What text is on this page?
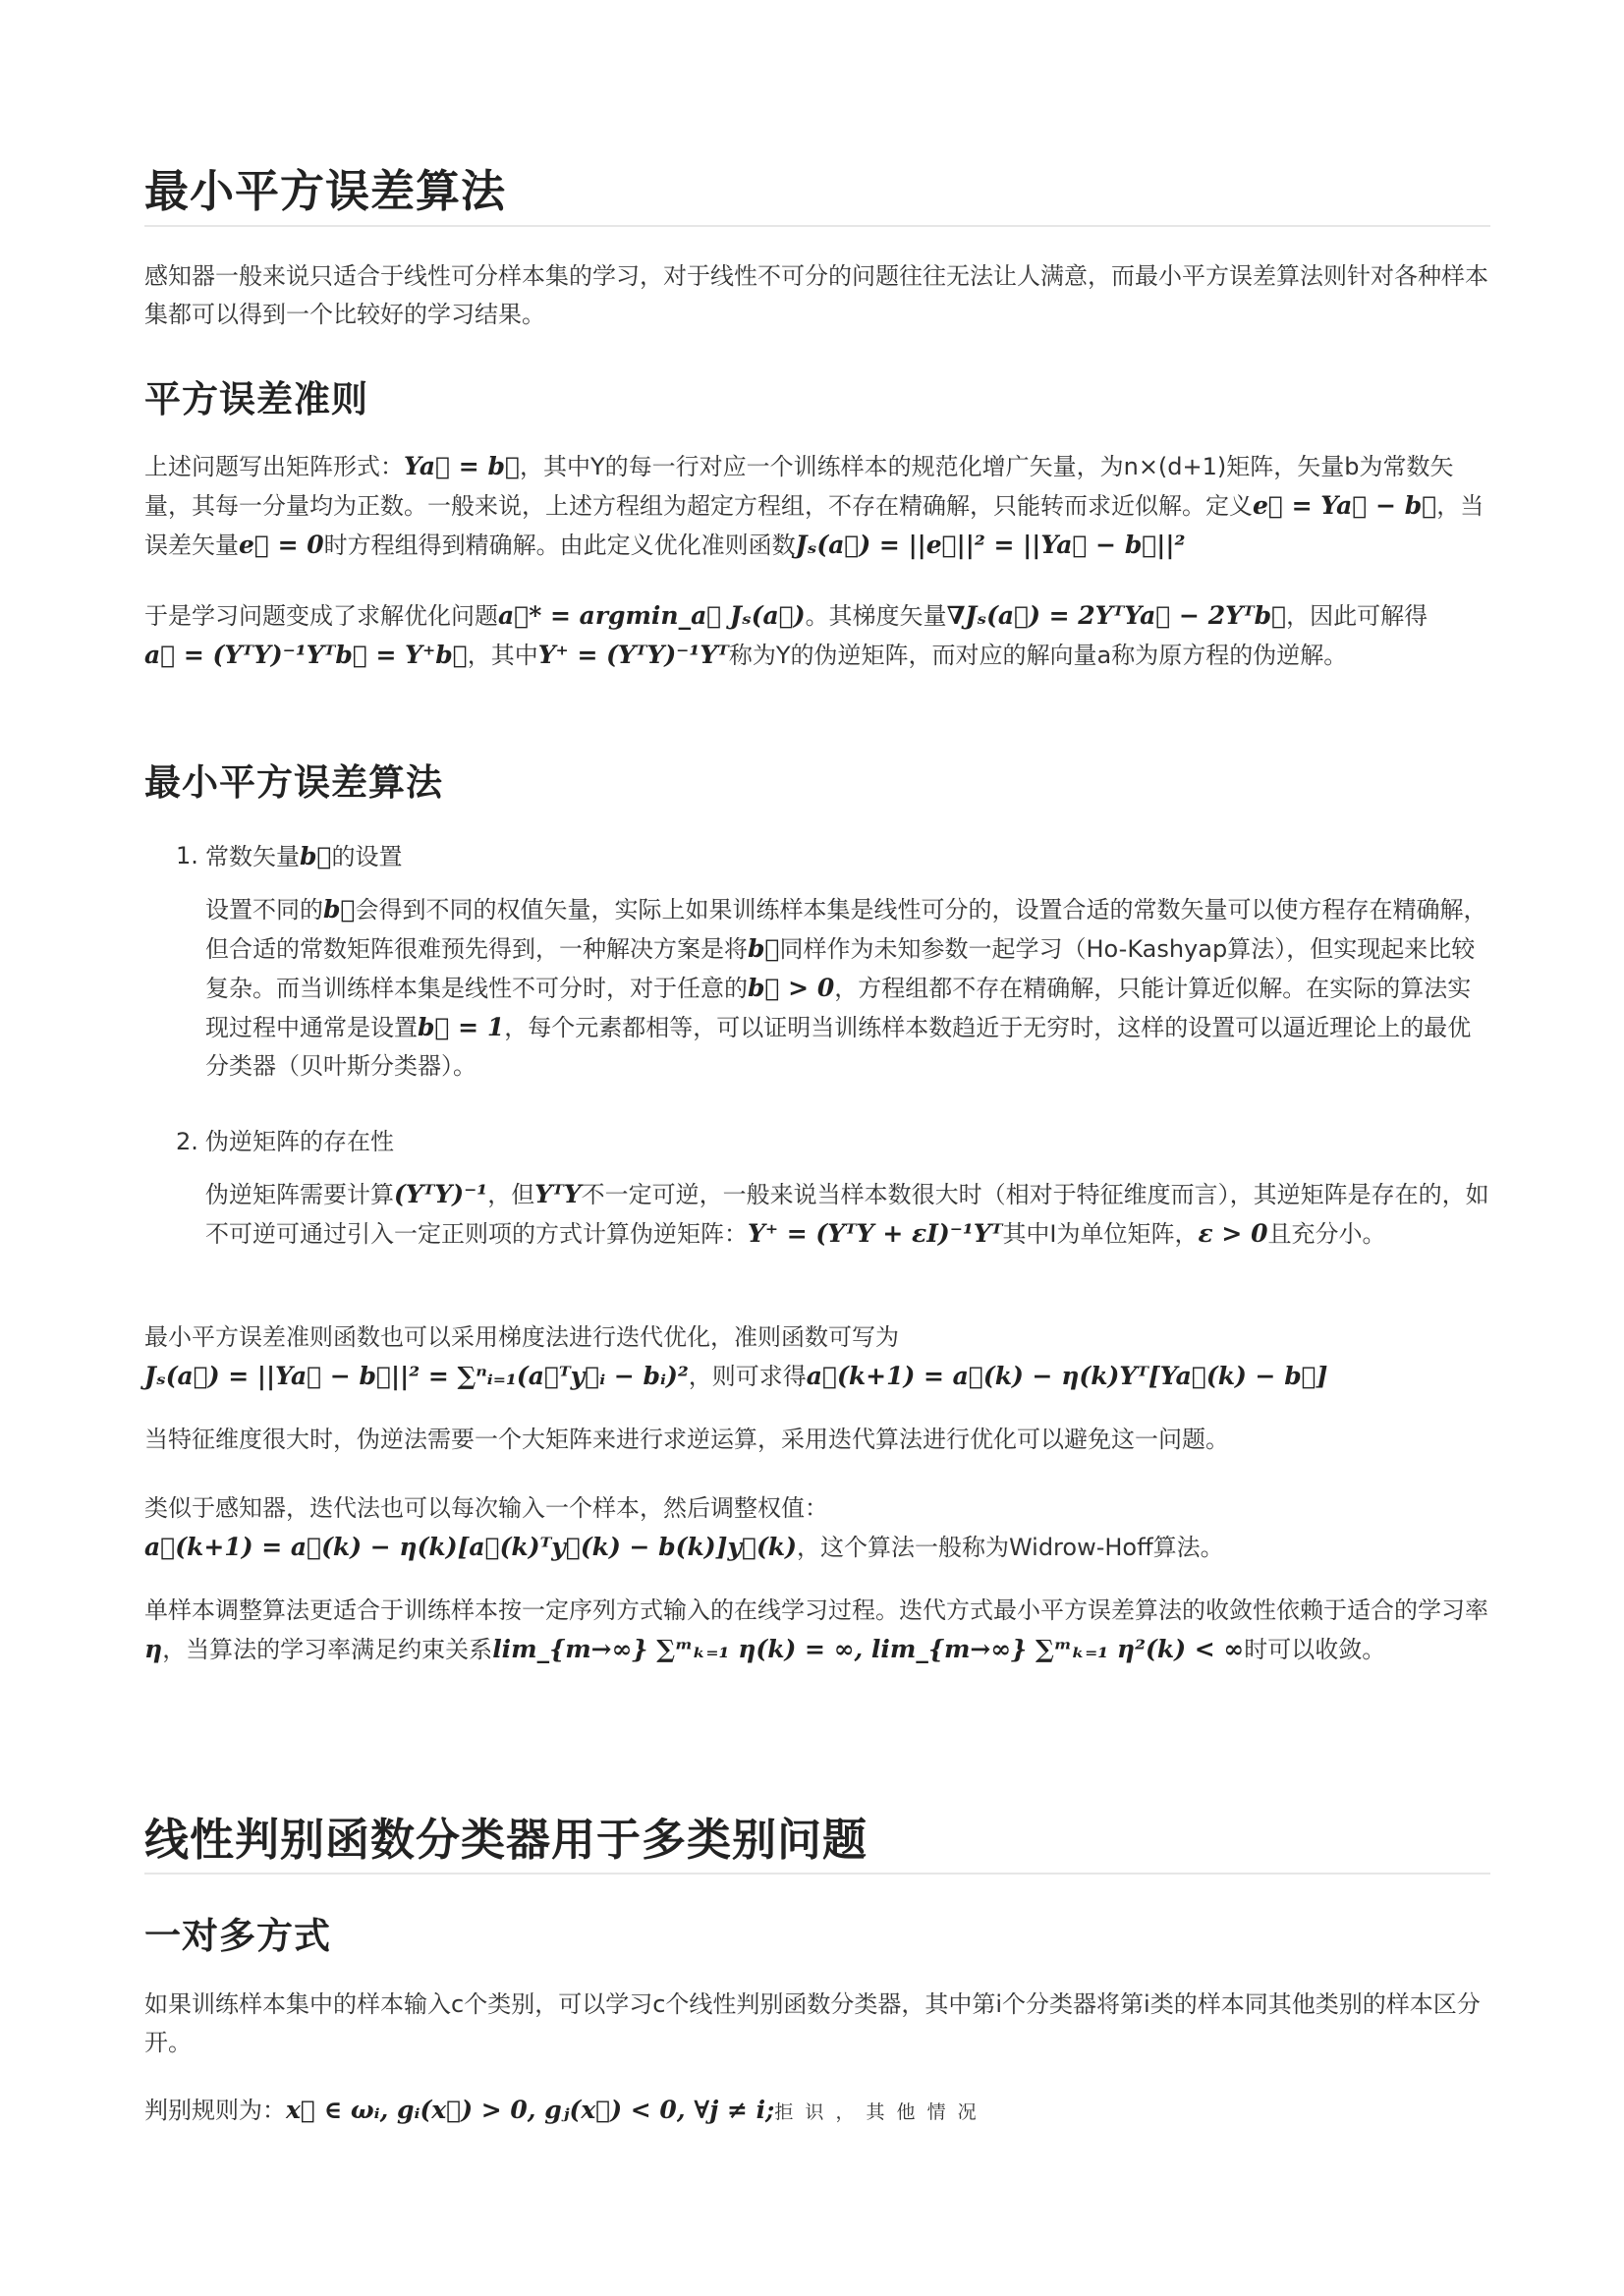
最小平方误差算法

感知器一般来说只适合于线性可分样本集的学习，对于线性不可分的问题往往无法让人满意，而最小平方误差算法则针对各种样本集都可以得到一个比较好的学习结果。

平方误差准则

上述问题写出矩阵形式：Ya⃗ = b⃗，其中Y的每一行对应一个训练样本的规范化增广矢量，为n×(d+1)矩阵，矢量b为常数矢量，其每一分量均为正数。一般来说，上述方程组为超定方程组，不存在精确解，只能转而求近似解。定义e⃗ = Ya⃗ − b⃗，当误差矢量e⃗ = 0时方程组得到精确解。由此定义优化准则函数Jₛ(a⃗) = ||e⃗||² = ||Ya⃗ − b⃗||²

于是学习问题变成了求解优化问题a⃗* = argmin_a⃗ Jₛ(a⃗)。其梯度矢量∇Jₛ(a⃗) = 2YᵀYa⃗ − 2Yᵀb⃗，因此可解得a⃗ = (YᵀY)⁻¹Yᵀb⃗ = Y⁺b⃗，其中Y⁺ = (YᵀY)⁻¹Yᵀ称为Y的伪逆矩阵，而对应的解向量a称为原方程的伪逆解。

最小平方误差算法
1. 常数矢量b⃗的设置

设置不同的b⃗会得到不同的权值矢量，实际上如果训练样本集是线性可分的，设置合适的常数矢量可以使方程存在精确解，但合适的常数矩阵很难预先得到，一种解决方案是将b⃗同样作为未知参数一起学习（Ho-Kashyap算法），但实现起来比较复杂。而当训练样本集是线性不可分时，对于任意的b⃗ > 0，方程组都不存在精确解，只能计算近似解。在实际的算法实现过程中通常是设置b⃗ = 1，每个元素都相等，可以证明当训练样本数趋近于无穷时，这样的设置可以逼近理论上的最优分类器（贝叶斯分类器）。

2. 伪逆矩阵的存在性

伪逆矩阵需要计算(YᵀY)⁻¹，但YᵀY不一定可逆，一般来说当样本数很大时（相对于特征维度而言），其逆矩阵是存在的，如不可逆可通过引入一定正则项的方式计算伪逆矩阵：Y⁺ = (YᵀY + εI)⁻¹Yᵀ其中I为单位矩阵，ε > 0且充分小。

最小平方误差准则函数也可以采用梯度法进行迭代优化，准则函数可写为
Jₛ(a⃗) = ||Ya⃗ − b⃗||² = ∑ⁿᵢ₌₁(a⃗ᵀy⃗ᵢ − bᵢ)²，则可求得a⃗(k+1) = a⃗(k) − η(k)Yᵀ[Ya⃗(k) − b⃗]

当特征维度很大时，伪逆法需要一个大矩阵来进行求逆运算，采用迭代算法进行优化可以避免这一问题。

类似于感知器，迭代法也可以每次输入一个样本，然后调整权值：
a⃗(k+1) = a⃗(k) − η(k)[a⃗(k)ᵀy⃗(k) − b(k)]y⃗(k)，这个算法一般称为Widrow-Hoff算法。

单样本调整算法更适合于训练样本按一定序列方式输入的在线学习过程。迭代方式最小平方误差算法的收敛性依赖于适合的学习率η，当算法的学习率满足约束关系lim_{m→∞} ∑ᵐₖ₌₁ η(k) = ∞, lim_{m→∞} ∑ᵐₖ₌₁ η²(k) < ∞时可以收敛。

线性判别函数分类器用于多类别问题
一对多方式

如果训练样本集中的样本输入c个类别，可以学习c个线性判别函数分类器，其中第i个分类器将第i类的样本同其他类别的样本区分开。

判别规则为：x⃗ ∈ ωᵢ, gᵢ(x⃗) > 0, gⱼ(x⃗) < 0, ∀j ≠ i;拒 识 ， 其 他 情 况
